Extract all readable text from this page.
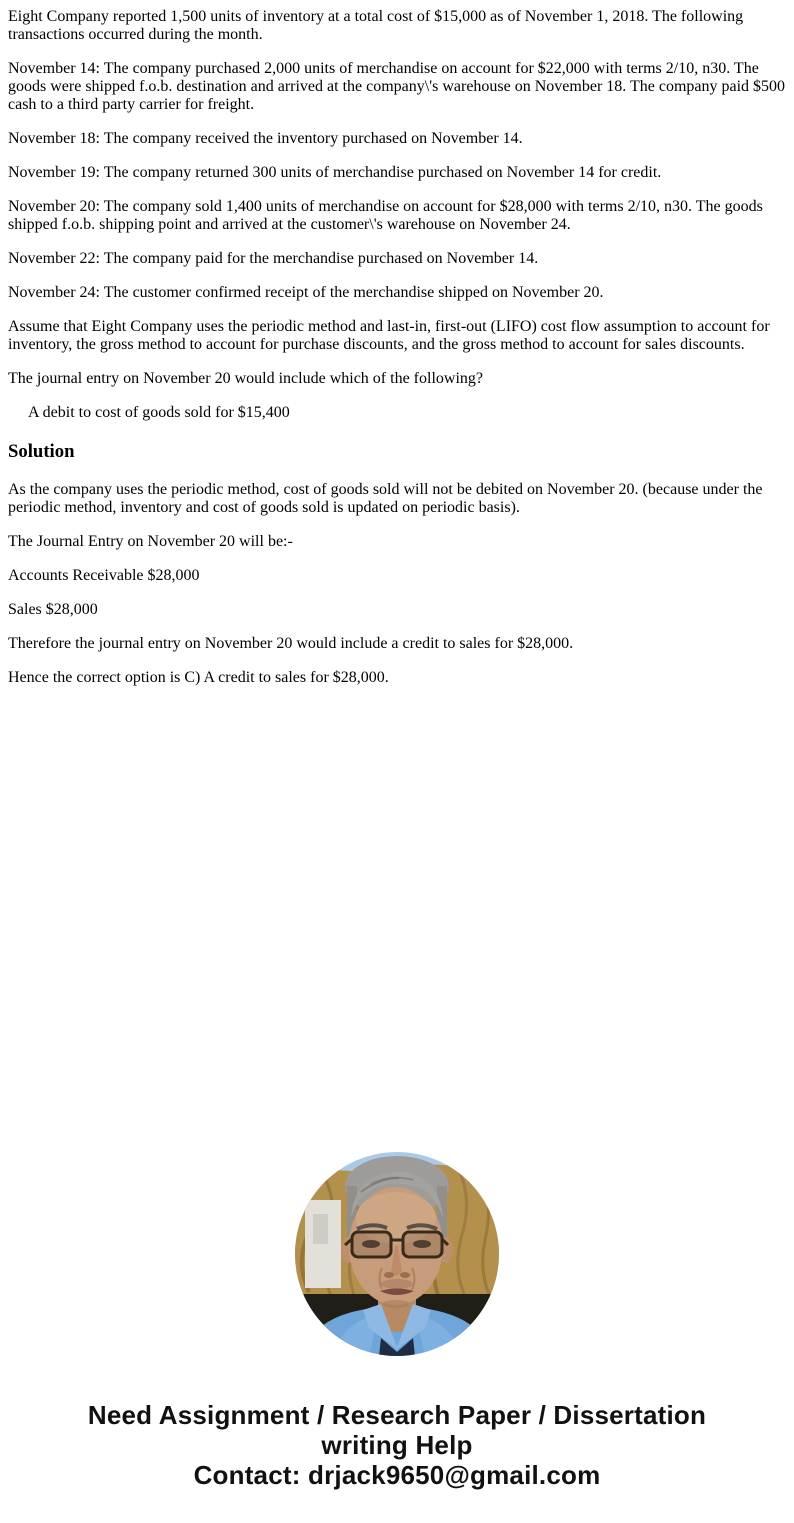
Eight Company reported 1,500 units of inventory at a total cost of $15,000 as of November 1, 2018. The following transactions occurred during the month.

November 14: The company purchased 2,000 units of merchandise on account for $22,000 with terms 2/10, n30. The goods were shipped f.o.b. destination and arrived at the company\'s warehouse on November 18. The company paid $500 cash to a third party carrier for freight.

November 18: The company received the inventory purchased on November 14.

November 19: The company returned 300 units of merchandise purchased on November 14 for credit.

November 20: The company sold 1,400 units of merchandise on account for $28,000 with terms 2/10, n30. The goods shipped f.o.b. shipping point and arrived at the customer\'s warehouse on November 24.

November 22: The company paid for the merchandise purchased on November 14.

November 24: The customer confirmed receipt of the merchandise shipped on November 20.

Assume that Eight Company uses the periodic method and last-in, first-out (LIFO) cost flow assumption to account for inventory, the gross method to account for purchase discounts, and the gross method to account for sales discounts.

The journal entry on November 20 would include which of the following?

A debit to cost of goods sold for $15,400

Solution

As the company uses the periodic method, cost of goods sold will not be debited on November 20. (because under the periodic method, inventory and cost of goods sold is updated on periodic basis).

The Journal Entry on November 20 will be:-

Accounts Receivable $28,000

Sales $28,000

Therefore the journal entry on November 20 would include a credit to sales for $28,000.

Hence the correct option is C) A credit to sales for $28,000.

Need Assignment / Research Paper / Dissertation
writing Help
Contact: drjack9650@gmail.com
